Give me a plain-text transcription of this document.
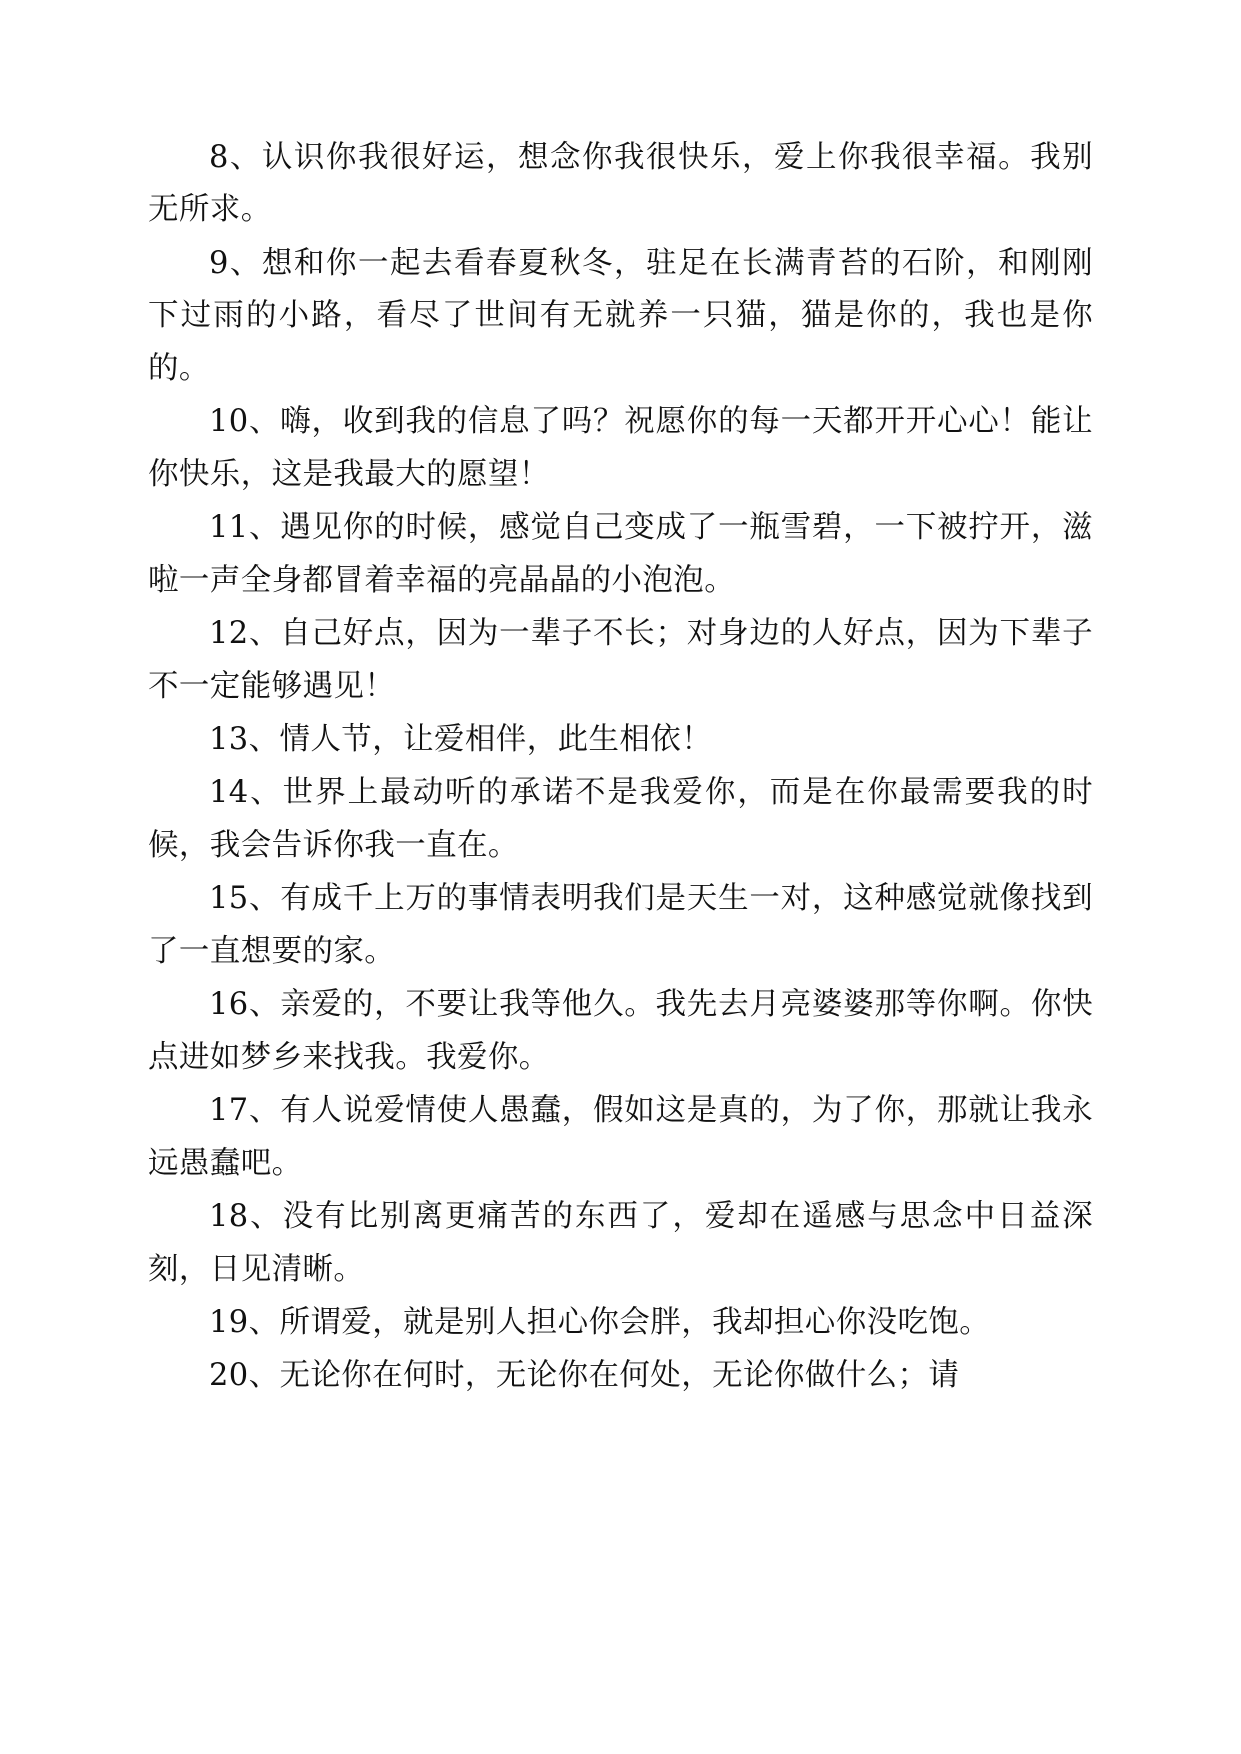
8、认识你我很好运，想念你我很快乐，爱上你我很幸福。我别无所求。

9、想和你一起去看春夏秋冬，驻足在长满青苔的石阶，和刚刚下过雨的小路，看尽了世间有无就养一只猫，猫是你的，我也是你的。

10、嗨，收到我的信息了吗？祝愿你的每一天都开开心心！能让你快乐，这是我最大的愿望！

11、遇见你的时候，感觉自己变成了一瓶雪碧，一下被拧开，滋啦一声全身都冒着幸福的亮晶晶的小泡泡。

12、自己好点，因为一辈子不长；对身边的人好点，因为下辈子不一定能够遇见！

13、情人节，让爱相伴，此生相依！

14、世界上最动听的承诺不是我爱你，而是在你最需要我的时候，我会告诉你我一直在。

15、有成千上万的事情表明我们是天生一对，这种感觉就像找到了一直想要的家。

16、亲爱的，不要让我等他久。我先去月亮婆婆那等你啊。你快点进如梦乡来找我。我爱你。

17、有人说爱情使人愚蠢，假如这是真的，为了你，那就让我永远愚蠢吧。

18、没有比别离更痛苦的东西了，爱却在遥感与思念中日益深刻，日见清晰。

19、所谓爱，就是别人担心你会胖，我却担心你没吃饱。

20、无论你在何时，无论你在何处，无论你做什么；请
